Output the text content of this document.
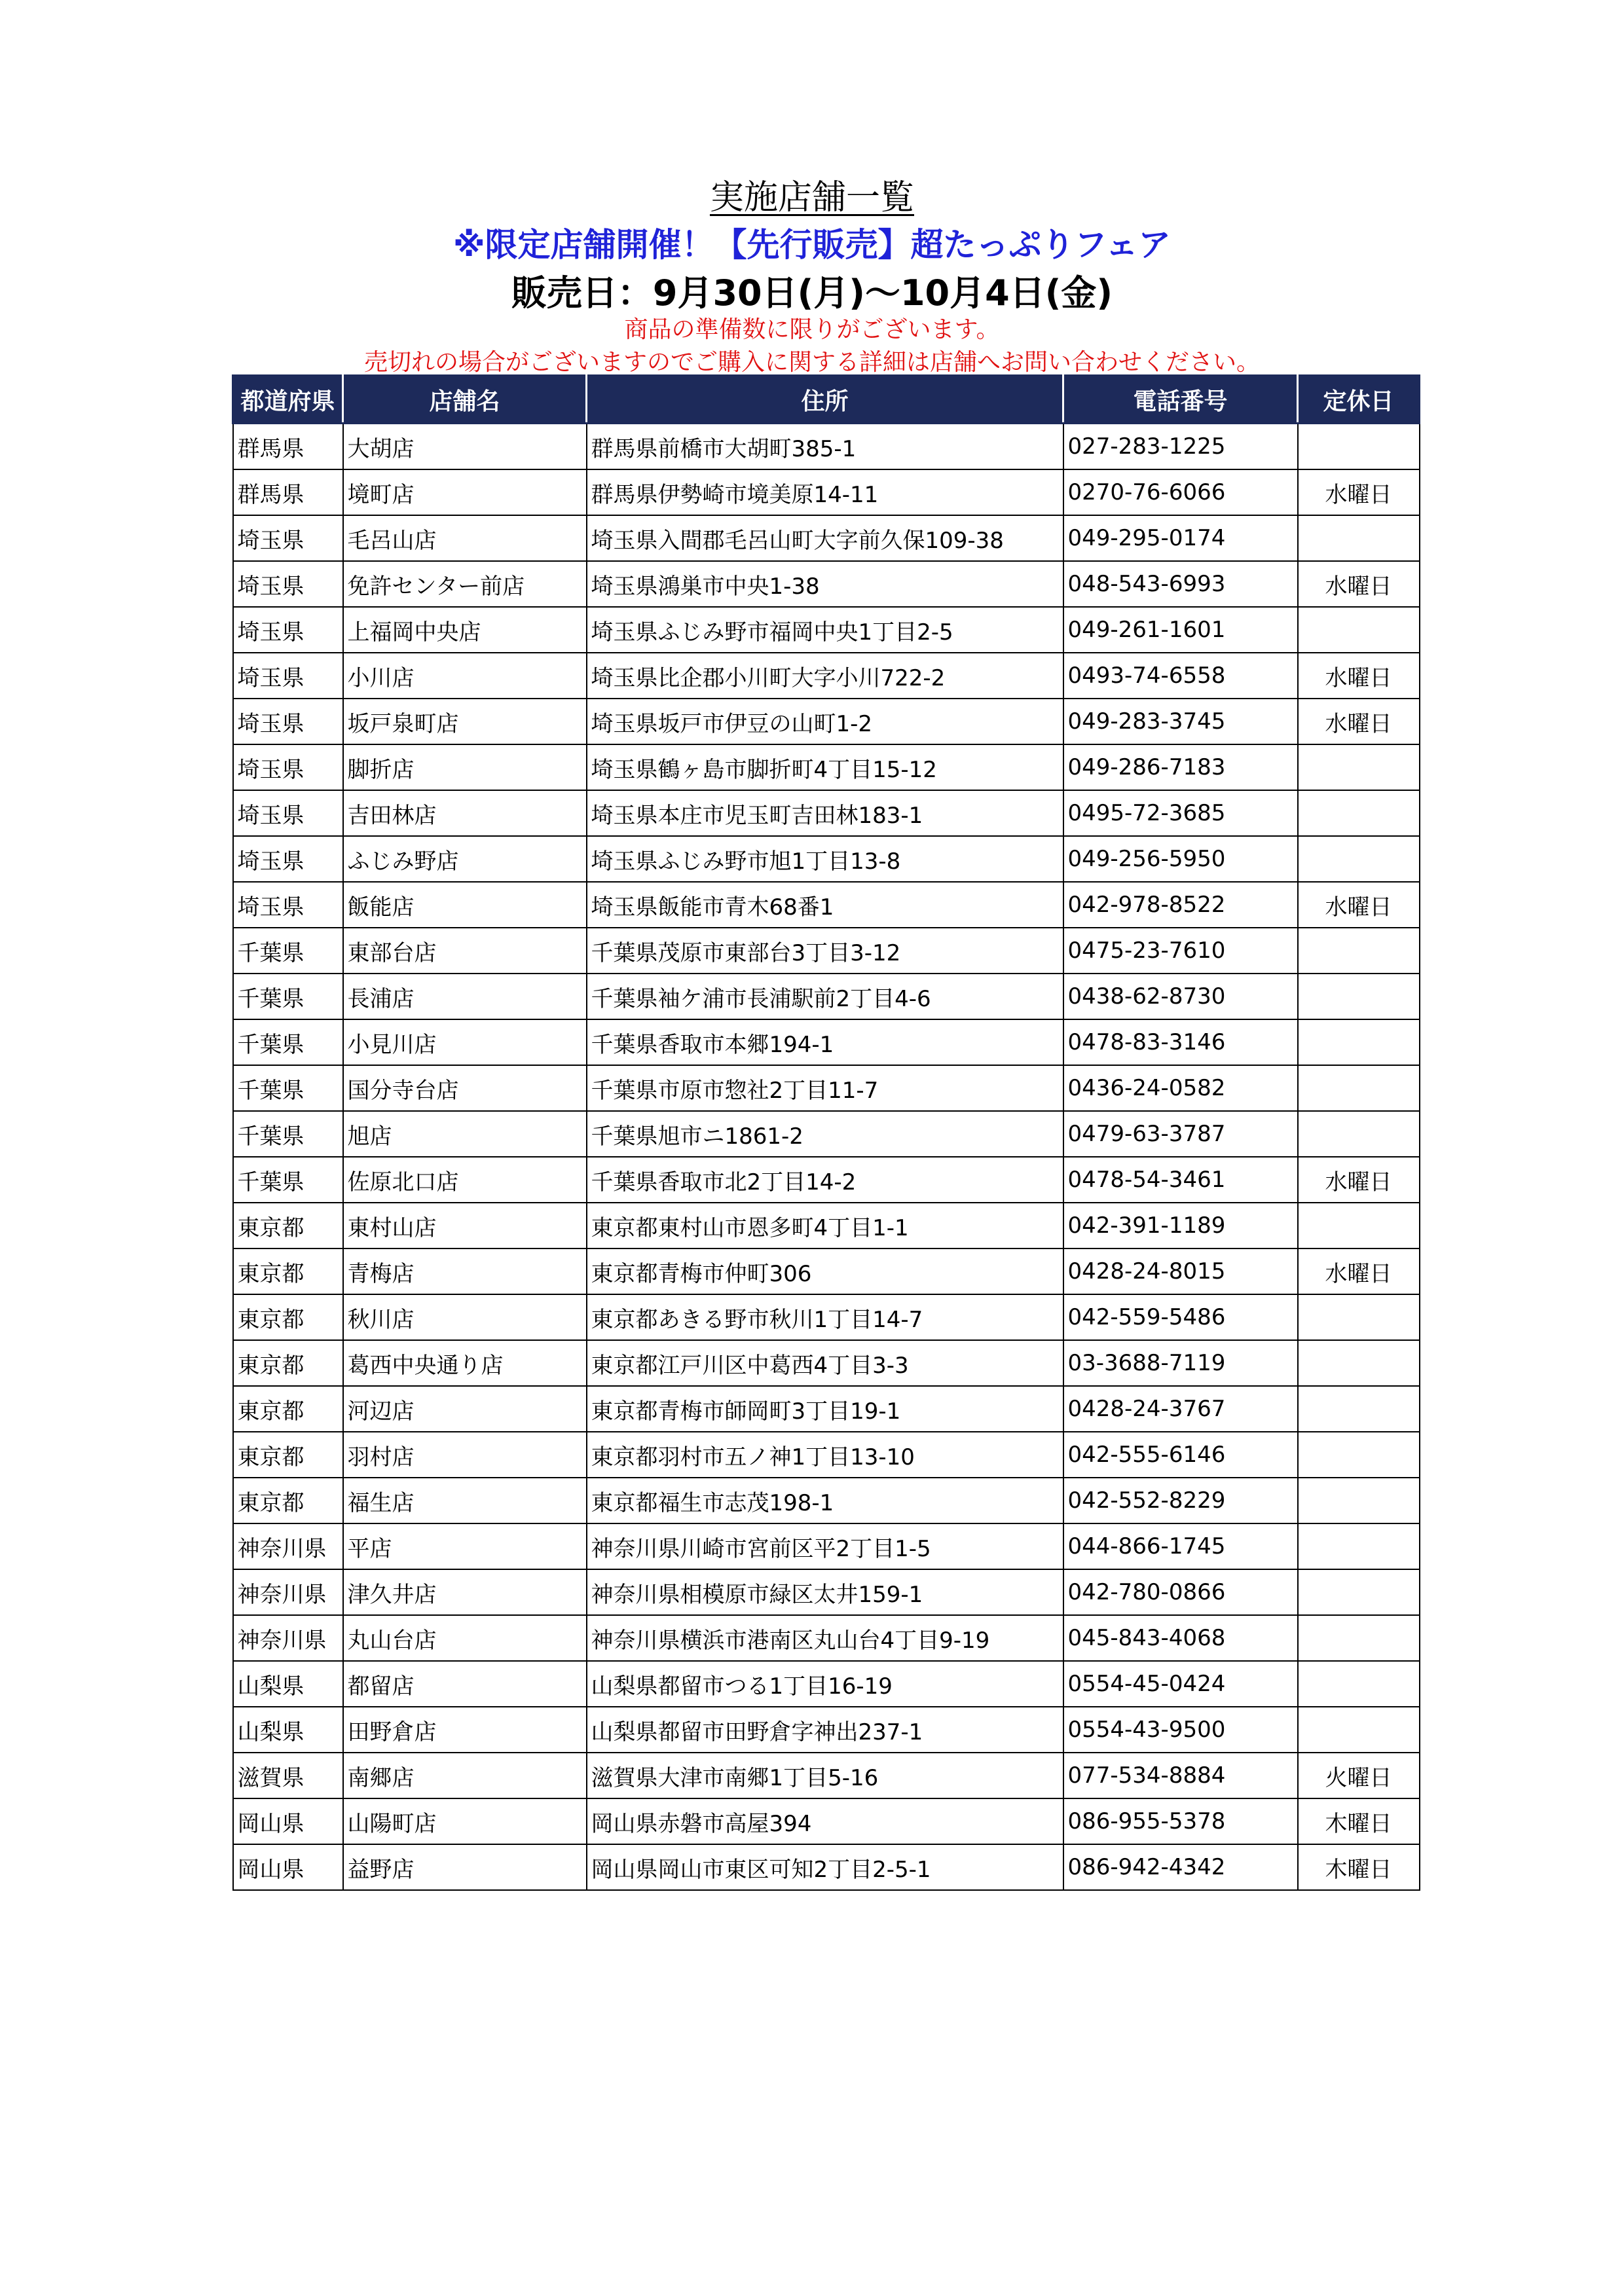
実施店舗一覧
※限定店舗開催！【先行販売】超たっぷりフェア
販売日：9月30日(月)～10月4日(金)
商品の準備数に限りがございます。
売切れの場合がございますのでご購入に関する詳細は店舗へお問い合わせください。
都道府県	店舗名	住所	電話番号	定休日
群馬県	大胡店	群馬県前橋市大胡町385-1	027-283-1225	
群馬県	境町店	群馬県伊勢崎市境美原14-11	0270-76-6066	水曜日
埼玉県	毛呂山店	埼玉県入間郡毛呂山町大字前久保109-38	049-295-0174	
埼玉県	免許センター前店	埼玉県鴻巣市中央1-38	048-543-6993	水曜日
埼玉県	上福岡中央店	埼玉県ふじみ野市福岡中央1丁目2-5	049-261-1601	
埼玉県	小川店	埼玉県比企郡小川町大字小川722-2	0493-74-6558	水曜日
埼玉県	坂戸泉町店	埼玉県坂戸市伊豆の山町1-2	049-283-3745	水曜日
埼玉県	脚折店	埼玉県鶴ヶ島市脚折町4丁目15-12	049-286-7183	
埼玉県	吉田林店	埼玉県本庄市児玉町吉田林183-1	0495-72-3685	
埼玉県	ふじみ野店	埼玉県ふじみ野市旭1丁目13-8	049-256-5950	
埼玉県	飯能店	埼玉県飯能市青木68番1	042-978-8522	水曜日
千葉県	東部台店	千葉県茂原市東部台3丁目3-12	0475-23-7610	
千葉県	長浦店	千葉県袖ケ浦市長浦駅前2丁目4-6	0438-62-8730	
千葉県	小見川店	千葉県香取市本郷194-1	0478-83-3146	
千葉県	国分寺台店	千葉県市原市惣社2丁目11-7	0436-24-0582	
千葉県	旭店	千葉県旭市ニ1861-2	0479-63-3787	
千葉県	佐原北口店	千葉県香取市北2丁目14-2	0478-54-3461	水曜日
東京都	東村山店	東京都東村山市恩多町4丁目1-1	042-391-1189	
東京都	青梅店	東京都青梅市仲町306	0428-24-8015	水曜日
東京都	秋川店	東京都あきる野市秋川1丁目14-7	042-559-5486	
東京都	葛西中央通り店	東京都江戸川区中葛西4丁目3-3	03-3688-7119	
東京都	河辺店	東京都青梅市師岡町3丁目19-1	0428-24-3767	
東京都	羽村店	東京都羽村市五ノ神1丁目13-10	042-555-6146	
東京都	福生店	東京都福生市志茂198-1	042-552-8229	
神奈川県	平店	神奈川県川崎市宮前区平2丁目1-5	044-866-1745	
神奈川県	津久井店	神奈川県相模原市緑区太井159-1	042-780-0866	
神奈川県	丸山台店	神奈川県横浜市港南区丸山台4丁目9-19	045-843-4068	
山梨県	都留店	山梨県都留市つる1丁目16-19	0554-45-0424	
山梨県	田野倉店	山梨県都留市田野倉字神出237-1	0554-43-9500	
滋賀県	南郷店	滋賀県大津市南郷1丁目5-16	077-534-8884	火曜日
岡山県	山陽町店	岡山県赤磐市高屋394	086-955-5378	木曜日
岡山県	益野店	岡山県岡山市東区可知2丁目2-5-1	086-942-4342	木曜日
